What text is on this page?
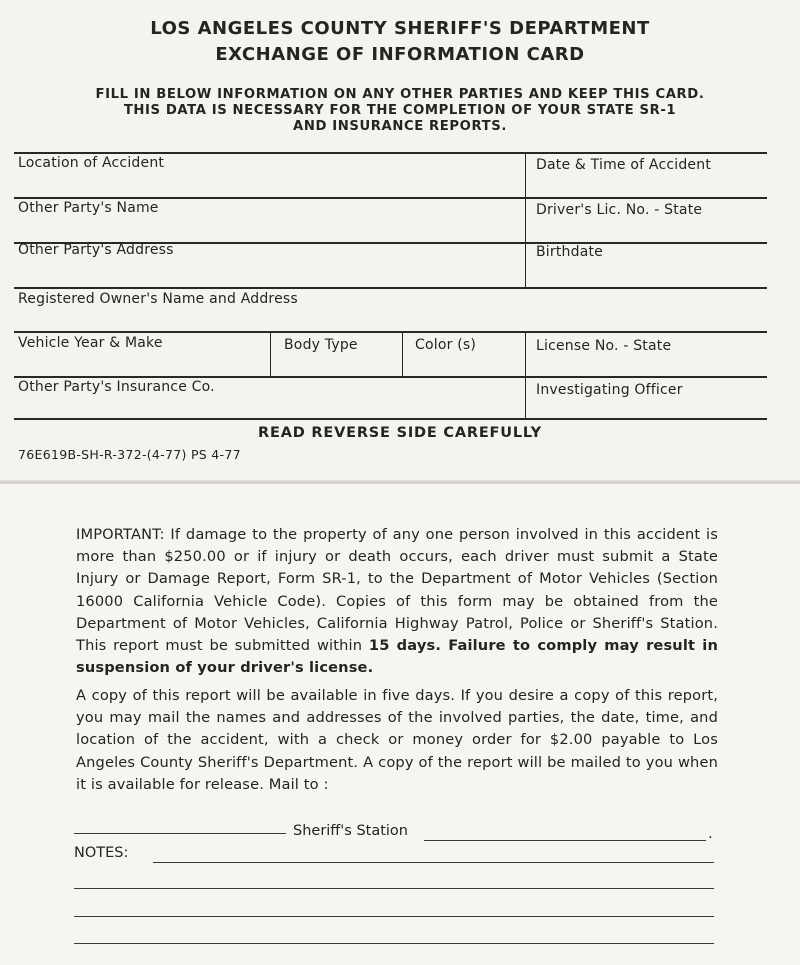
LOS ANGELES COUNTY SHERIFF'S DEPARTMENT
EXCHANGE OF INFORMATION CARD
FILL IN BELOW INFORMATION ON ANY OTHER PARTIES AND KEEP THIS CARD.
THIS DATA IS NECESSARY FOR THE COMPLETION OF YOUR STATE SR-1
AND INSURANCE REPORTS.
Location of Accident	Date & Time of Accident
Other Party's Name	Driver's Lic. No. - State
Other Party's Address	Birthdate
Registered Owner's Name and Address
Vehicle Year & Make	Body Type	Color (s)	License No. - State
Other Party's Insurance Co.	Investigating Officer
READ REVERSE SIDE CAREFULLY
76E619B-SH-R-372-(4-77) PS 4-77
IMPORTANT: If damage to the property of any one person involved in this accident is more than $250.00 or if injury or death occurs, each driver must submit a State Injury or Damage Report, Form SR-1, to the Department of Motor Vehicles (Section 16000 California Vehicle Code). Copies of this form may be obtained from the Department of Motor Vehicles, California Highway Patrol, Police or Sheriff's Station. This report must be submitted within 15 days. Failure to comply may result in suspension of your driver's license.
A copy of this report will be available in five days. If you desire a copy of this report, you may mail the names and addresses of the involved parties, the date, time, and location of the accident, with a check or money order for $2.00 payable to Los Angeles County Sheriff's Department. A copy of the report will be mailed to you when it is available for release. Mail to :
Sheriff's Station	.
NOTES:
